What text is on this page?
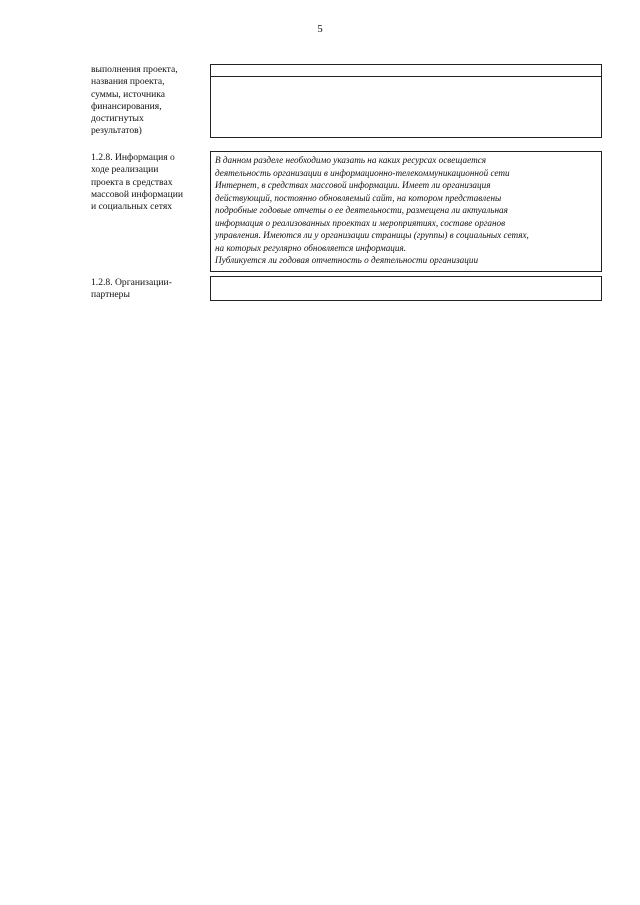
5
выполнения проекта,
названия проекта,
суммы, источника
финансирования,
достигнутых
результатов)
1.2.8. Информация о
ходе реализации
проекта в средствах
массовой информации
и социальных сетях
В данном разделе необходимо указать на каких ресурсах освещается
деятельность организации в информационно-телекоммуникационной сети
Интернет, в средствах массовой информации. Имеет ли организация
действующий, постоянно обновляемый сайт, на котором представлены
подробные годовые отчеты о ее деятельности, размещена ли актуальная
информация о реализованных проектах и мероприятиях, составе органов
управления. Имеются ли у организации страницы (группы) в социальных сетях,
на которых регулярно обновляется информация.
Публикуется ли годовая отчетность о деятельности организации
1.2.8. Организации-
партнеры
